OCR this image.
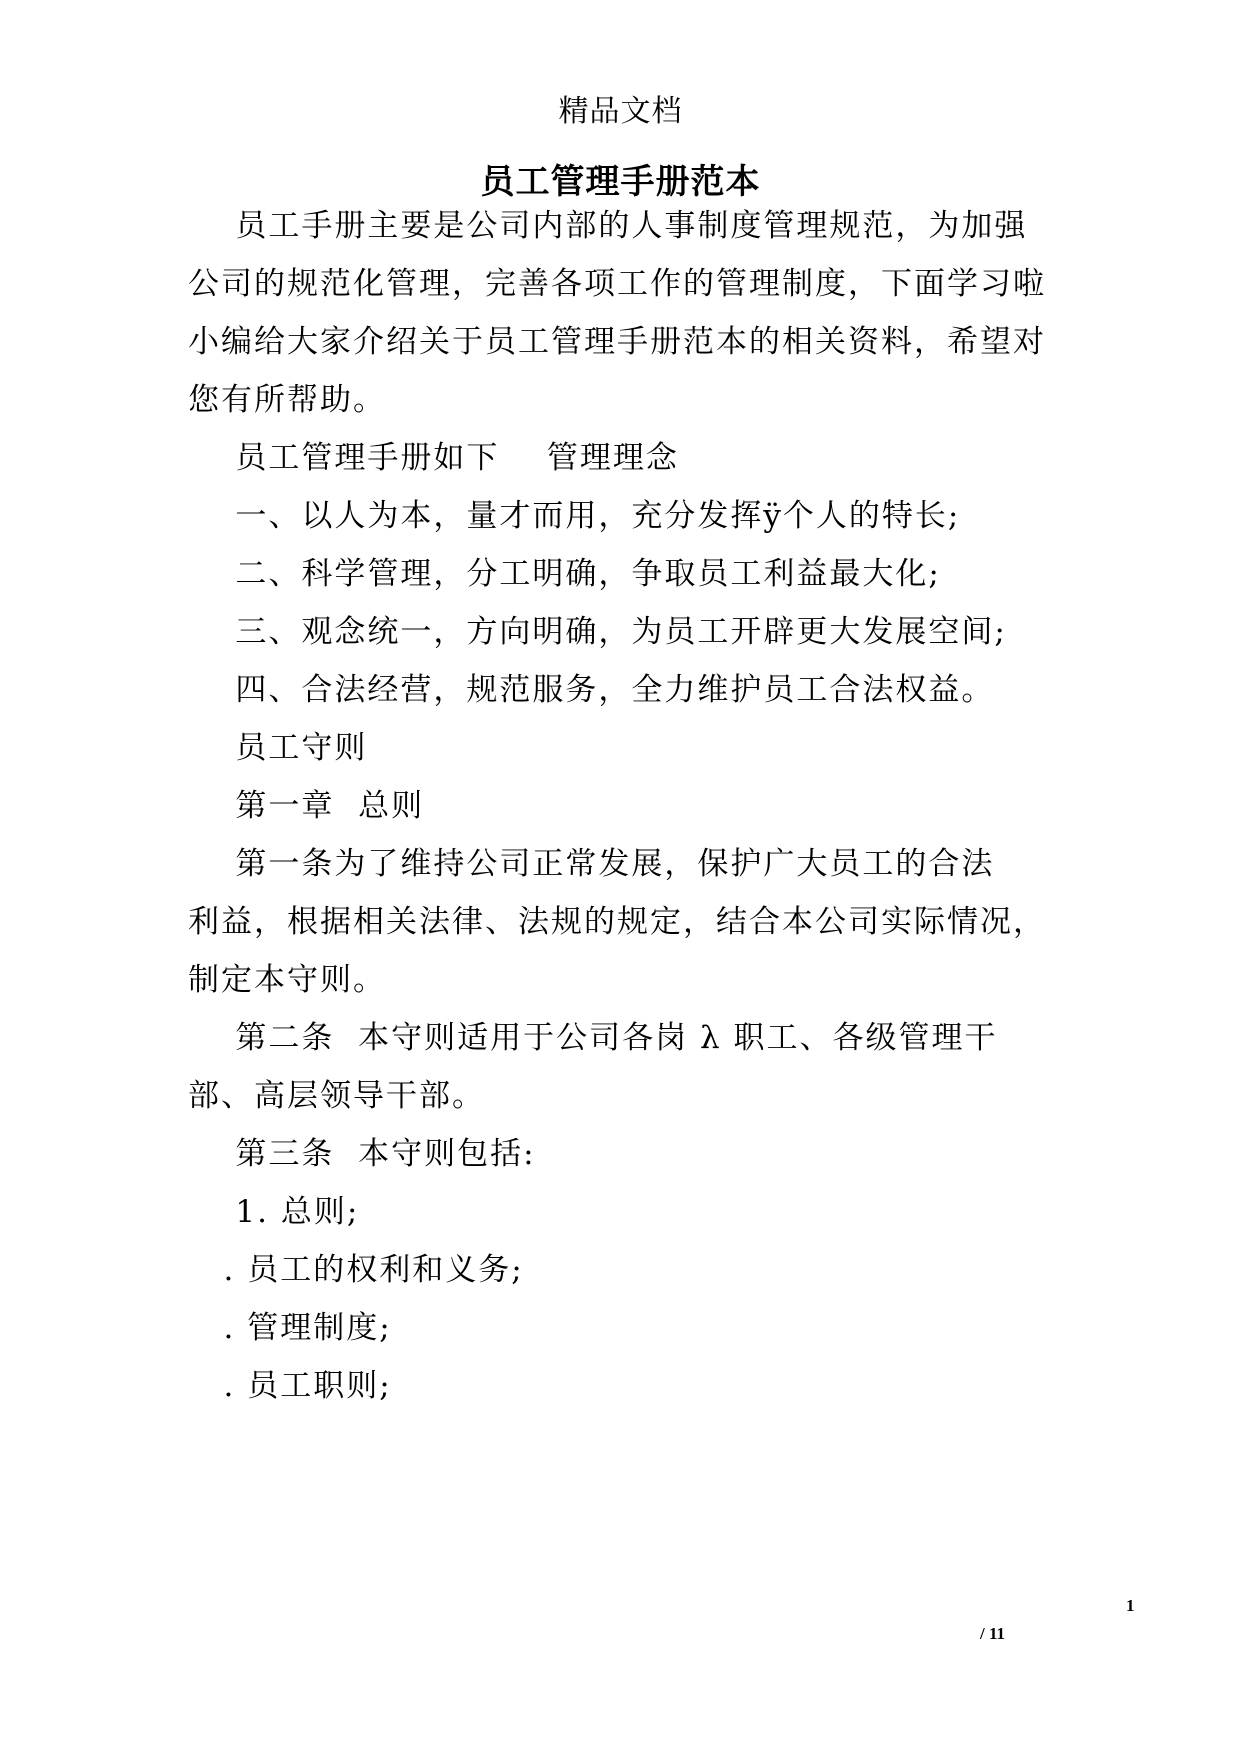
精品文档
员工管理手册范本
员工手册主要是公司内部的人事制度管理规范，为加强
公司的规范化管理，完善各项工作的管理制度，下面学习啦
小编给大家介绍关于员工管理手册范本的相关资料，希望对
您有所帮助。
员工管理手册如下    管理理念
一、以人为本，量才而用，充分发挥ÿ个人的特长;
二、科学管理，分工明确，争取员工利益最大化;
三、观念统一，方向明确，为员工开辟更大发展空间;
四、合法经营，规范服务，全力维护员工合法权益。
员工守则
第一章  总则
第一条为了维持公司正常发展，保护广大员工的合法
利益，根据相关法律、法规的规定，结合本公司实际情况，
制定本守则。
第二条  本守则适用于公司各岗 λ 职工、各级管理干
部、高层领导干部。
第三条  本守则包括:
1. 总则;
. 员工的权利和义务;
. 管理制度;
. 员工职则;
1
/ 11
